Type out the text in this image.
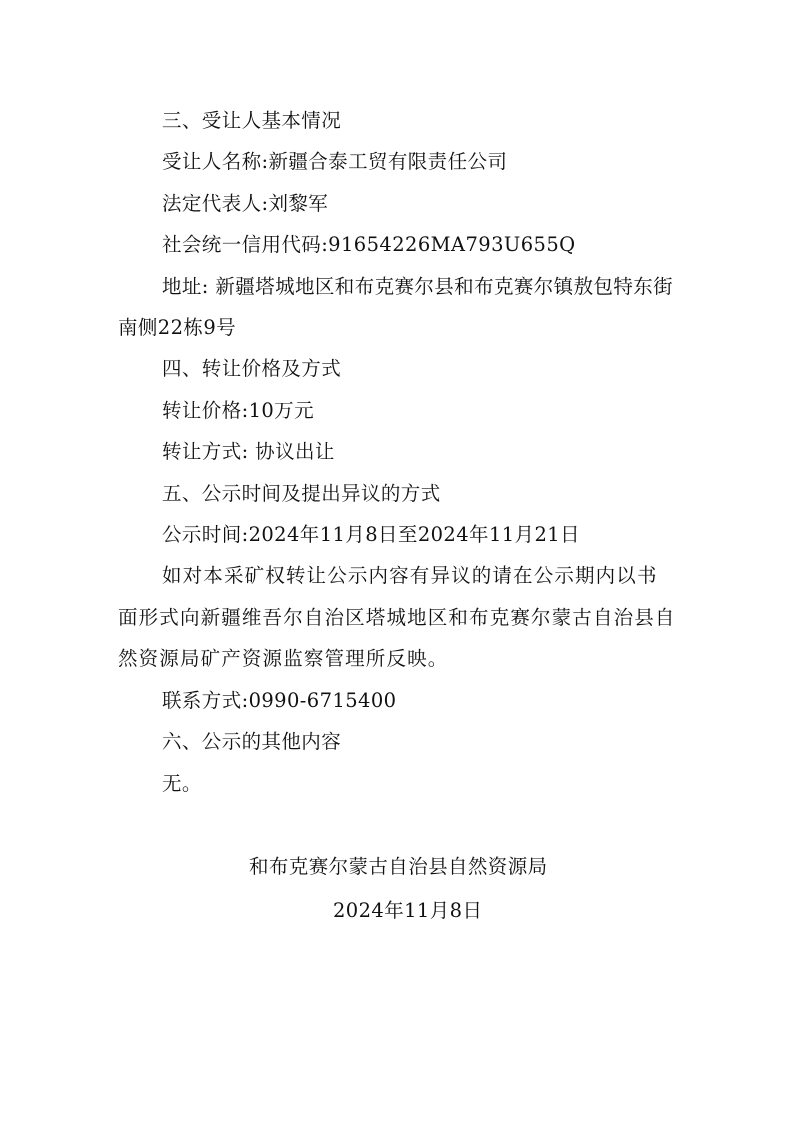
三、受让人基本情况

受让人名称:新疆合泰工贸有限责任公司

法定代表人:刘黎军

社会统一信用代码:91654226MA793U655Q

地址: 新疆塔城地区和布克赛尔县和布克赛尔镇敖包特东街南侧22栋9号

四、转让价格及方式

转让价格:10万元

转让方式: 协议出让

五、公示时间及提出异议的方式

公示时间:2024年11月8日至2024年11月21日

如对本采矿权转让公示内容有异议的请在公示期内以书面形式向新疆维吾尔自治区塔城地区和布克赛尔蒙古自治县自然资源局矿产资源监察管理所反映。

联系方式:0990-6715400

六、公示的其他内容

无。

和布克赛尔蒙古自治县自然资源局
2024年11月8日
